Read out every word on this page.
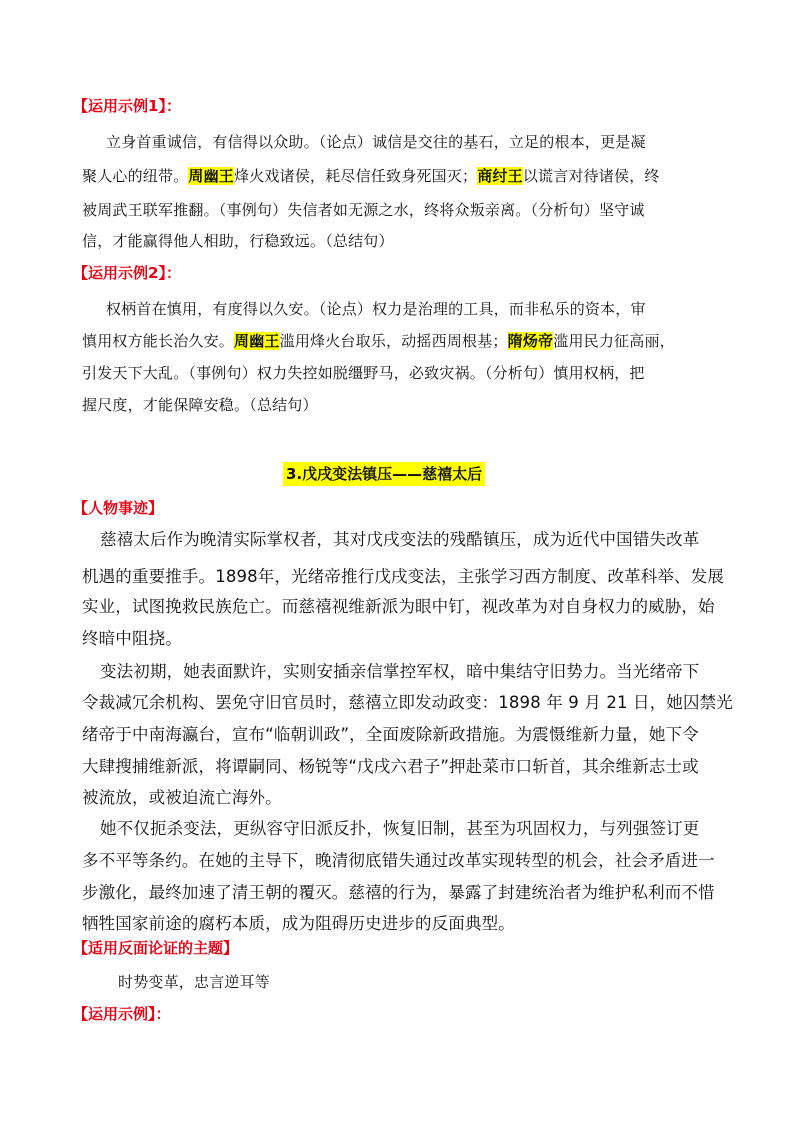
【运用示例1】：
立身首重诚信，有信得以众助。（论点）诚信是交往的基石，立足的根本，更是凝
聚人心的纽带。周幽王烽火戏诸侯，耗尽信任致身死国灭；商纣王以谎言对待诸侯，终
被周武王联军推翻。（事例句）失信者如无源之水，终将众叛亲离。（分析句）坚守诚
信，才能赢得他人相助，行稳致远。（总结句）
【运用示例2】：
权柄首在慎用，有度得以久安。（论点）权力是治理的工具，而非私乐的资本，审
慎用权方能长治久安。周幽王滥用烽火台取乐，动摇西周根基；隋炀帝滥用民力征高丽，
引发天下大乱。（事例句）权力失控如脱缰野马，必致灾祸。（分析句）慎用权柄，把
握尺度，才能保障安稳。（总结句）
3.戊戌变法镇压——慈禧太后
【人物事迹】
慈禧太后作为晚清实际掌权者，其对戊戌变法的残酷镇压，成为近代中国错失改革
机遇的重要推手。1898年，光绪帝推行戊戌变法，主张学习西方制度、改革科举、发展
实业，试图挽救民族危亡。而慈禧视维新派为眼中钉，视改革为对自身权力的威胁，始
终暗中阻挠。
变法初期，她表面默许，实则安插亲信掌控军权，暗中集结守旧势力。当光绪帝下
令裁减冗余机构、罢免守旧官员时，慈禧立即发动政变：1898 年 9 月 21 日，她囚禁光
绪帝于中南海瀛台，宣布“临朝训政”，全面废除新政措施。为震慑维新力量，她下令
大肆搜捕维新派，将谭嗣同、杨锐等“戊戌六君子”押赴菜市口斩首，其余维新志士或
被流放，或被迫流亡海外。
她不仅扼杀变法，更纵容守旧派反扑，恢复旧制，甚至为巩固权力，与列强签订更
多不平等条约。在她的主导下，晚清彻底错失通过改革实现转型的机会，社会矛盾进一
步激化，最终加速了清王朝的覆灭。慈禧的行为，暴露了封建统治者为维护私利而不惜
牺牲国家前途的腐朽本质，成为阻碍历史进步的反面典型。
【适用反面论证的主题】
时势变革，忠言逆耳等
【运用示例】：
